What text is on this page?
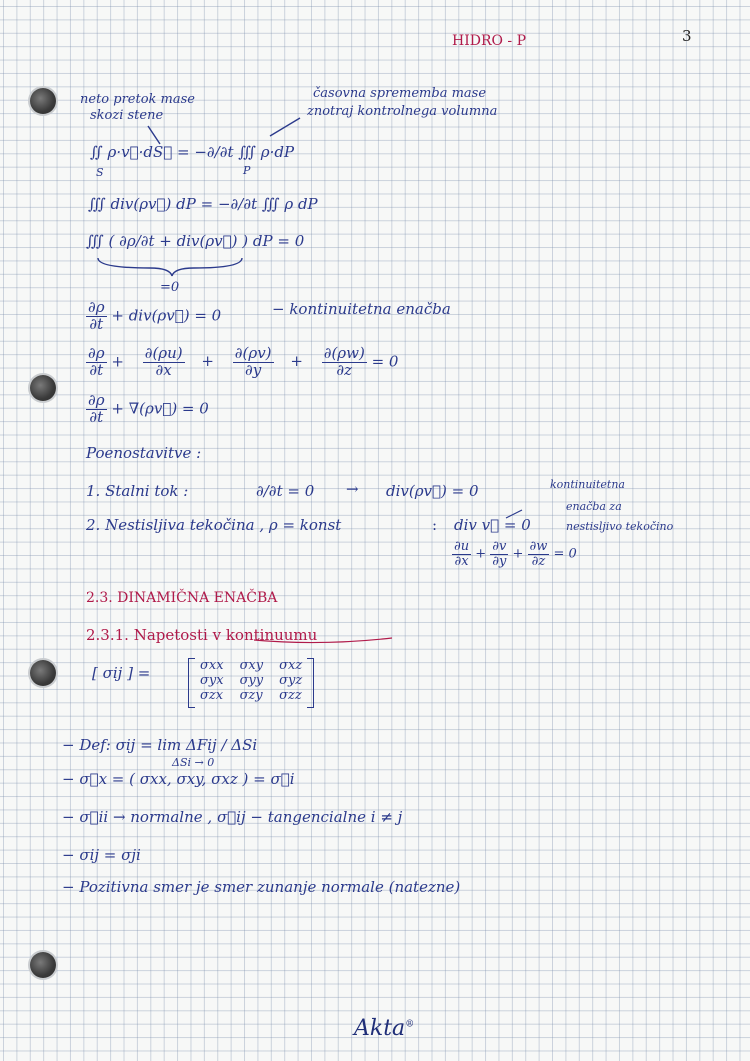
HIDRO - P	3
neto pretok mase
skozi stene
časovna sprememba mase
znotraj kontrolnega volumna
∬ ρ·v⃗·dS⃗ = −∂/∂t ∭ ρ·dP
S	P
∭ div(ρv⃗) dP = −∂/∂t ∭ ρ dP
∭ ( ∂ρ/∂t + div(ρv⃗) ) dP = 0
=0
$\frac{\partial\rho}{\partial t}$ + div(ρv⃗) = 0	− kontinuitetna enačba
$\frac{\partial\rho}{\partial t} + \frac{\partial(\rho u)}{\partial x} + \frac{\partial(\rho v)}{\partial y} + \frac{\partial(\rho w)}{\partial z} = 0$
$\frac{\partial\rho}{\partial t}$ + ∇(ρv⃗) = 0
Poenostavitve :
1. Stalni tok :	∂/∂t = 0 → div(ρv⃗) = 0	kontinuitetna
enačba za
2. Nestisljiva tekočina , ρ = konst	: div v⃗ = 0	nestisljivo tekočino
$\frac{\partial u}{\partial x} + \frac{\partial v}{\partial y} + \frac{\partial w}{\partial z} = 0$
2.3. DINAMIČNA ENAČBA
2.3.1. Napetosti v kontinuumu
[ σij ] =	σxx	σxy	σxz
σyx	σyy	σyz
σzx	σzy	σzz
− Def: σij = lim ΔFij / ΔSi
ΔSi → 0
− σ⃗x = ( σxx, σxy, σxz ) = σ⃗i
− σ⃗ii → normalne , σ⃗ij − tangencialne i ≠ j
− σij = σji
− Pozitivna smer je smer zunanje normale (natezne)
Akta®
